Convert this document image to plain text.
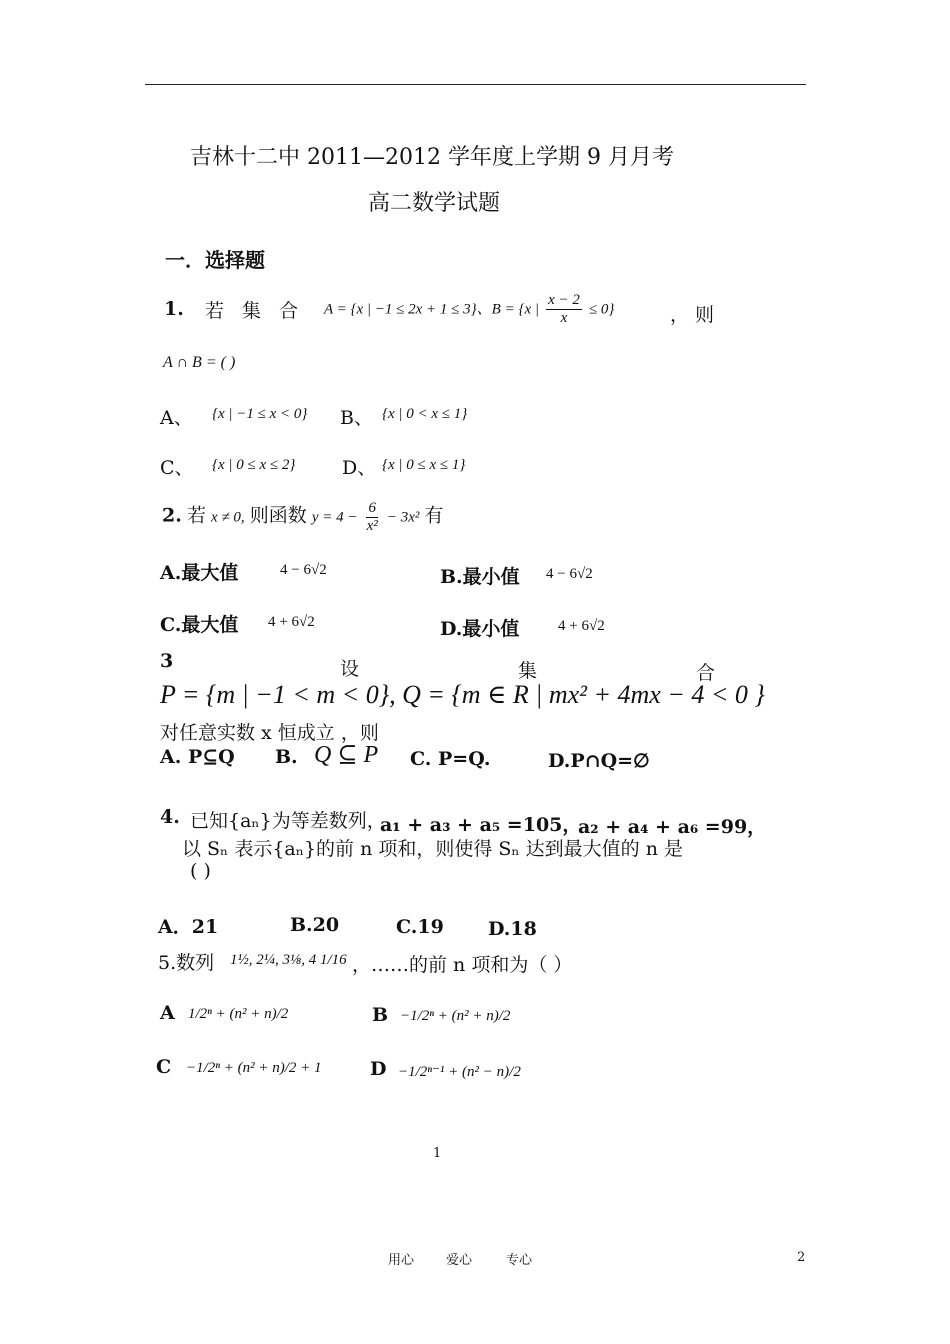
吉林十二中 2011—2012 学年度上学期 9 月月考
高二数学试题
一．选择题
1. 若 集 合 A = {x | −1 ≤ 2x + 1 ≤ 3}、B = {x | $\frac{x - 2}{x} \le 0$}	， 则
A ∩ B = ( )
A、 {x | −1 ≤ x < 0} B、 {x | 0 < x ≤ 1}
C、 {x | 0 ≤ x ≤ 2} D、 {x | 0 ≤ x ≤ 1}
2. 若 x ≠ 0, 则函数 $y = 4 - \frac{6}{\text{x²}} - 3x^2$ 有
A.最大值	4 − 6√2	B.最小值 4 − 6√2
C.最大值 4 + 6√2	D.最小值	4 + 6√2
3	设	集	合
P = {m | −1 < m < 0}, Q = {m ∈ R | mx² + 4mx − 4 < 0 }
对任意实数 x 恒成立 ，则
A. P⊆Q B. Q ⊆ P C. P=Q.	D.P∩Q=∅
4. 已知{aₙ}为等差数列，
a₁ + a₃ + a₅ =105，
a₂ + a₄ + a₆ =99，
以 Sₙ 表示{aₙ}的前 n 项和，则使得 Sₙ 达到最大值的 n 是
( )
A．21	B.20	C.19 D.18
5.数列 1½, 2¼, 3⅛, 4 1/16 ，……的前 n 项和为（ ）
A 1/2ⁿ + (n² + n)/2	B −1/2ⁿ + (n² + n)/2
C −1/2ⁿ + (n² + n)/2 + 1	D −1/2ⁿ⁻¹ + (n² − n)/2
1
用心 爱心	专心	2
